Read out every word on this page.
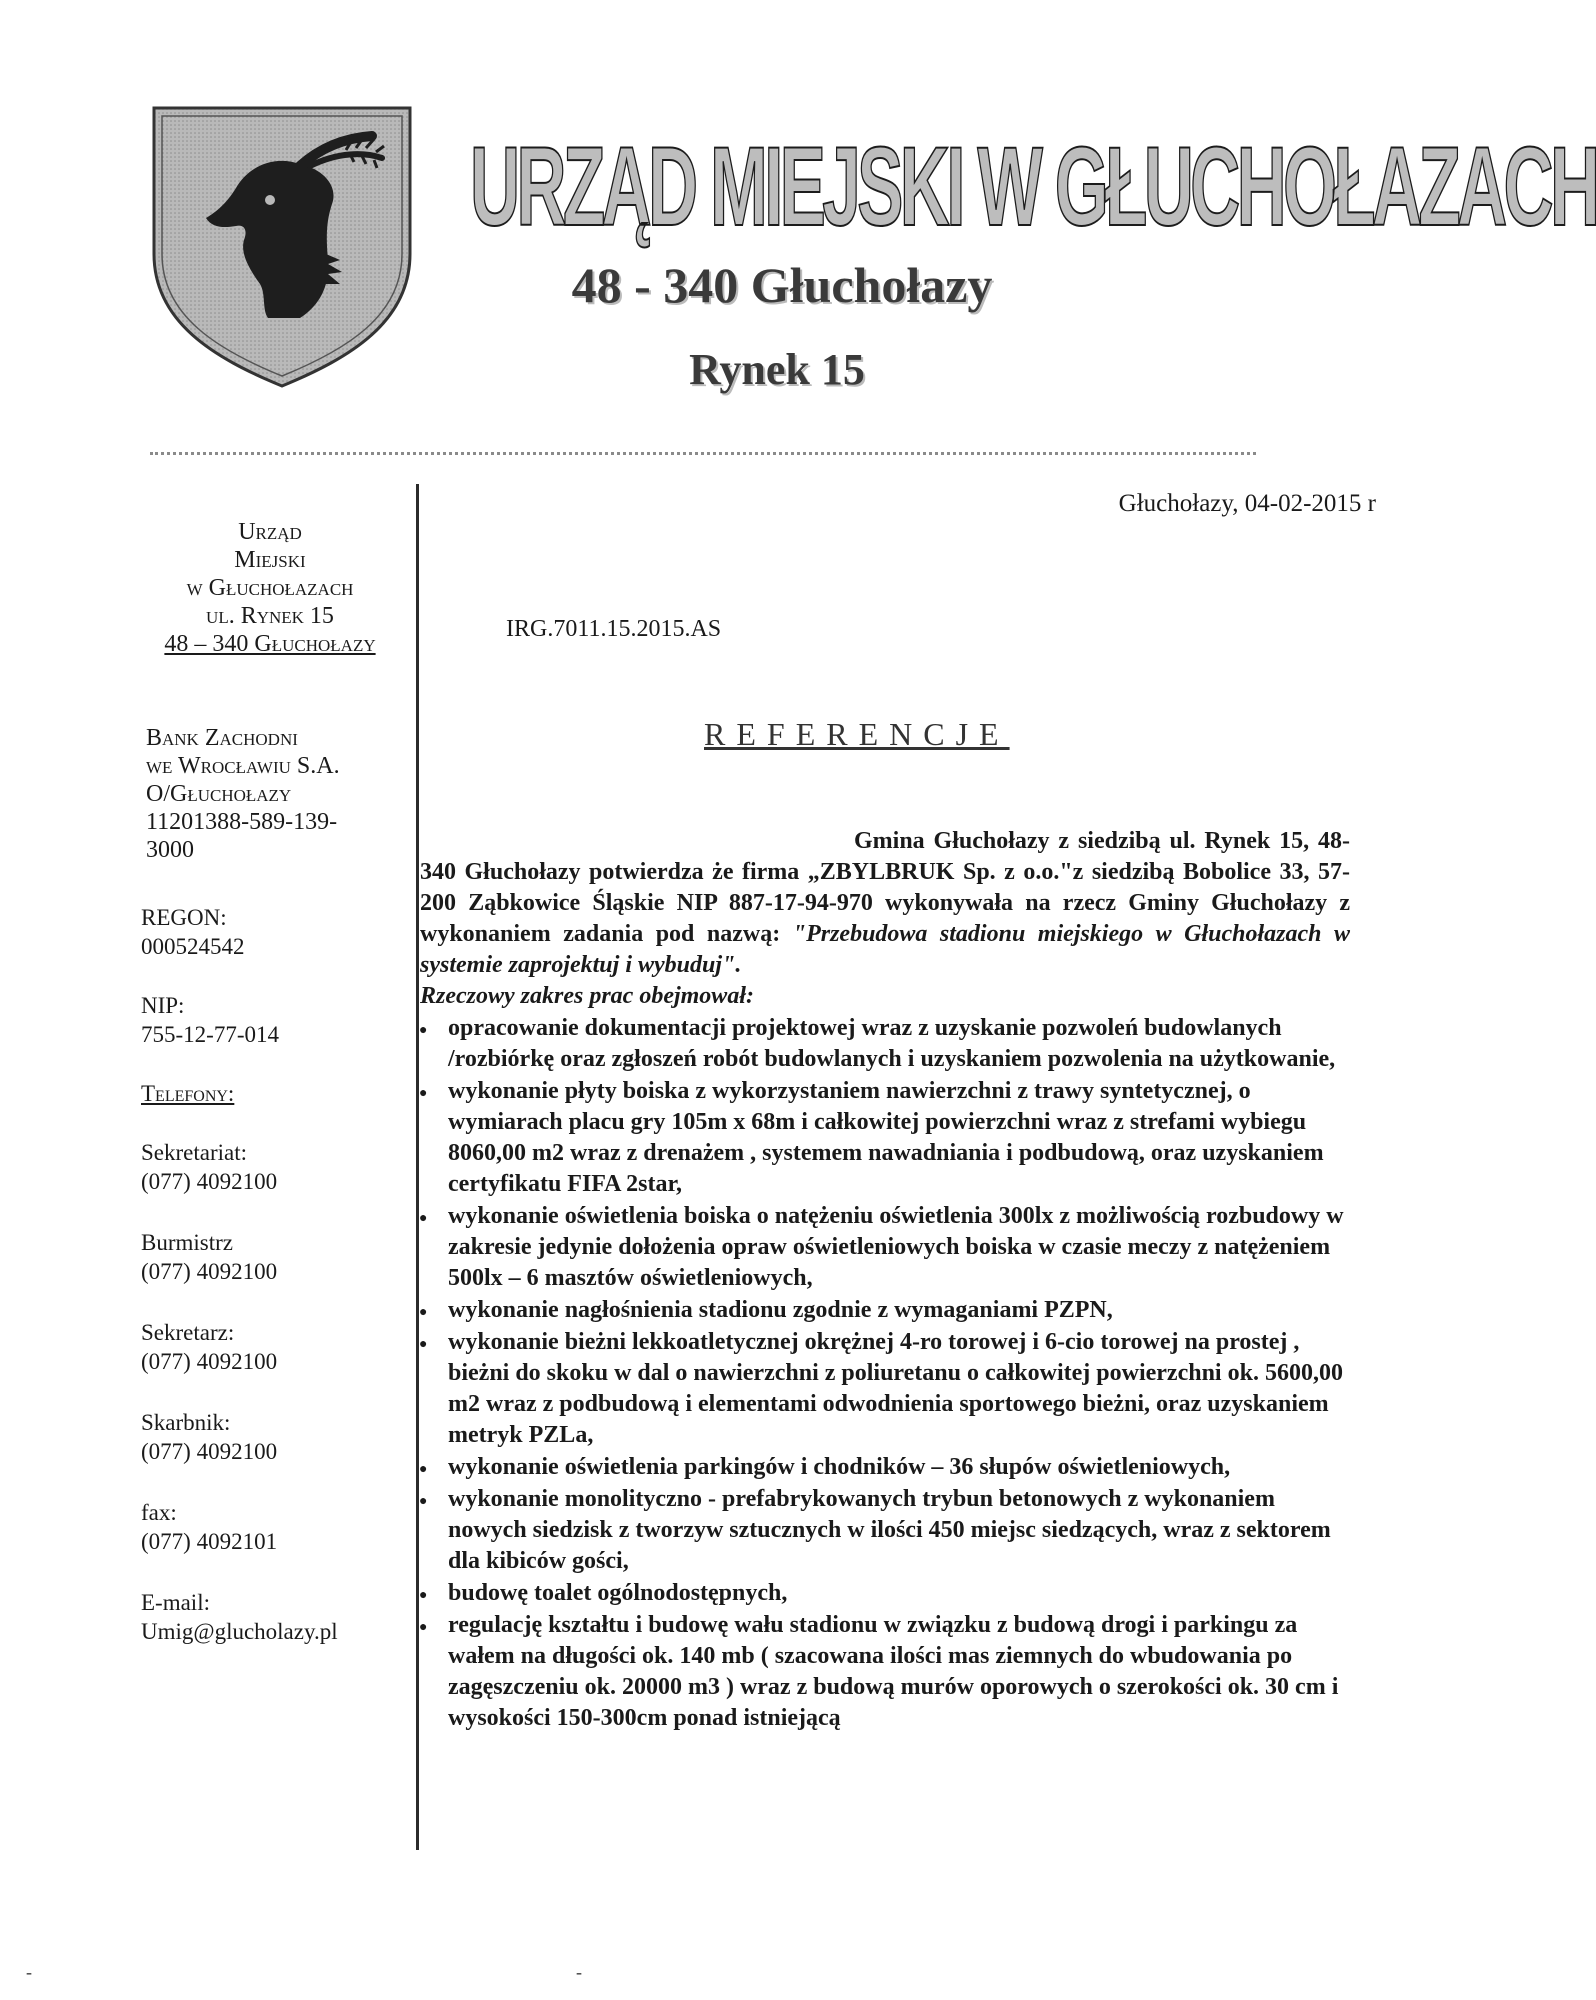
URZĄD MIEJSKI W GŁUCHOŁAZACH
48 - 340 Głuchołazy
Rynek 15
Urząd
Miejski
w Głuchołazach
ul. Rynek 15
48 – 340 Głuchołazy
Bank Zachodni
we Wrocławiu S.A.
O/Głuchołazy
11201388-589-139-
3000
REGON:
000524542
NIP:
755-12-77-014
Telefony:
Sekretariat:
(077) 4092100
Burmistrz
(077) 4092100
Sekretarz:
(077) 4092100
Skarbnik:
(077) 4092100
fax:
(077) 4092101
E-mail:
Umig@glucholazy.pl
Głuchołazy, 04-02-2015 r
IRG.7011.15.2015.AS
REFERENCJE

Gmina Głuchołazy z siedzibą ul. Rynek 15, 48-340 Głuchołazy potwierdza że firma „ZBYLBRUK Sp. z o.o."z siedzibą Bobolice 33, 57-200 Ząbkowice Śląskie NIP 887-17-94-970 wykonywała na rzecz Gminy Głuchołazy z wykonaniem zadania pod nazwą: "Przebudowa stadionu miejskiego w Głuchołazach w systemie zaprojektuj i wybuduj".

Rzeczowy zakres prac obejmował:

● opracowanie dokumentacji projektowej wraz z uzyskanie pozwoleń budowlanych /rozbiórkę oraz zgłoszeń robót budowlanych i uzyskaniem pozwolenia na użytkowanie,
● wykonanie płyty boiska z wykorzystaniem nawierzchni z trawy syntetycznej, o wymiarach placu gry 105m x 68m i całkowitej powierzchni wraz z strefami wybiegu 8060,00 m2 wraz z drenażem , systemem nawadniania i podbudową, oraz uzyskaniem certyfikatu FIFA 2star,
● wykonanie oświetlenia boiska o natężeniu oświetlenia 300lx z możliwością rozbudowy w zakresie jedynie dołożenia opraw oświetleniowych boiska w czasie meczy z natężeniem 500lx – 6 masztów oświetleniowych,
● wykonanie nagłośnienia stadionu zgodnie z wymaganiami PZPN,
● wykonanie bieżni lekkoatletycznej okrężnej 4-ro torowej i 6-cio torowej na prostej , bieżni do skoku w dal o nawierzchni z poliuretanu o całkowitej powierzchni ok. 5600,00 m2 wraz z podbudową i elementami odwodnienia sportowego bieżni, oraz uzyskaniem metryk PZLa,
● wykonanie oświetlenia parkingów i chodników – 36 słupów oświetleniowych,
● wykonanie monolityczno - prefabrykowanych trybun betonowych z wykonaniem nowych siedzisk z tworzyw sztucznych w ilości 450 miejsc siedzących, wraz z sektorem dla kibiców gości,
● budowę toalet ogólnodostępnych,
● regulację kształtu i budowę wału stadionu w związku z budową drogi i parkingu za wałem na długości ok. 140 mb ( szacowana ilości mas ziemnych do wbudowania po zagęszczeniu ok. 20000 m3 ) wraz z budową murów oporowych o szerokości ok. 30 cm i wysokości 150-300cm ponad istniejącą
-	-
